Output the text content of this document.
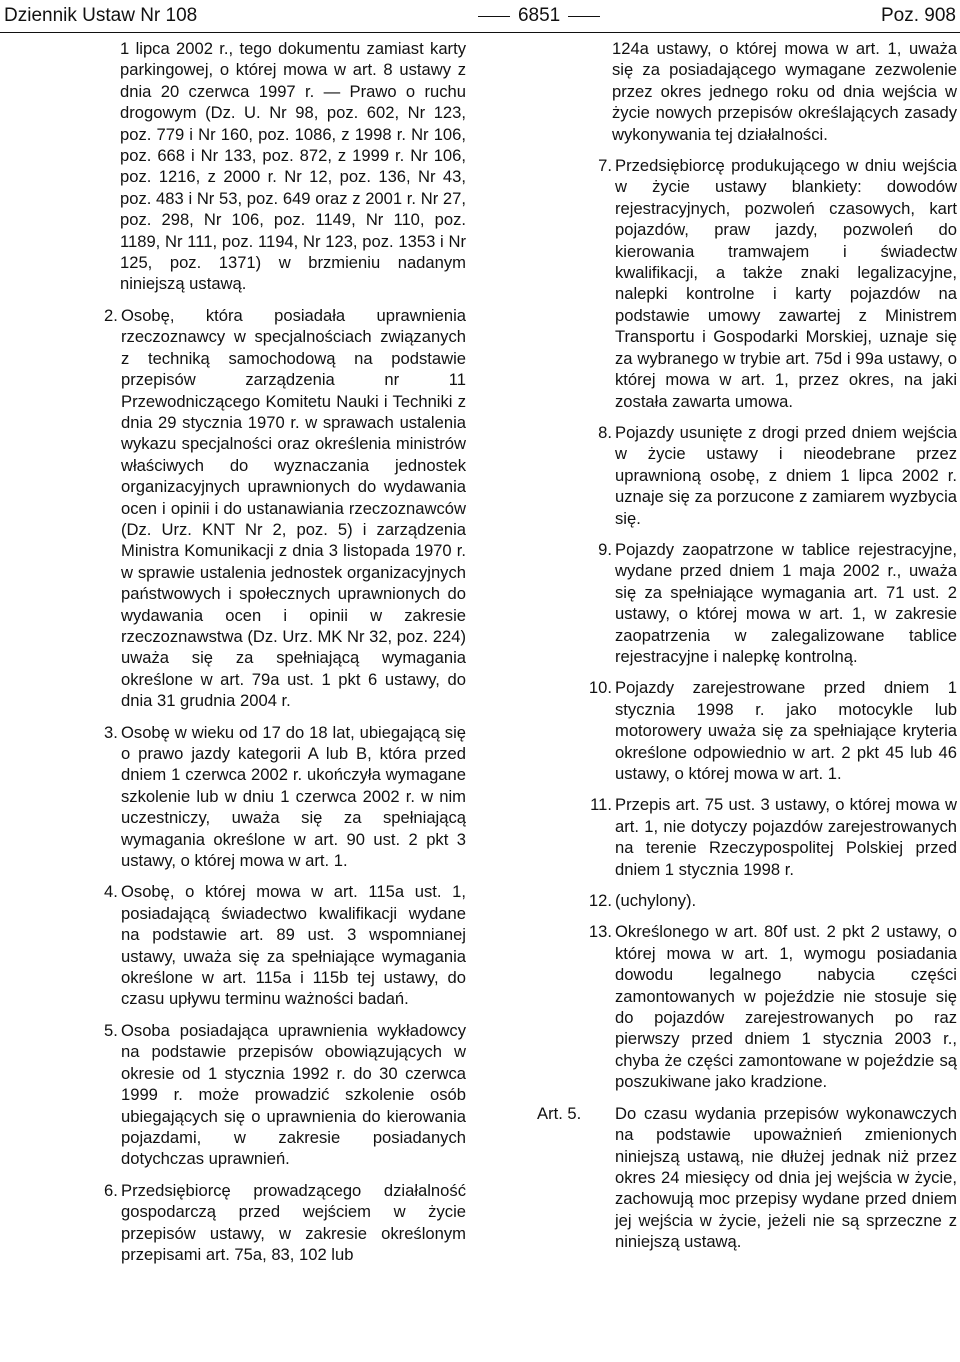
Dziennik Ustaw Nr 108	6851	Poz. 908

1 lipca 2002 r., tego dokumentu zamiast karty parkingowej, o której mowa w art. 8 ustawy z dnia 20 czerwca 1997 r. — Prawo o ruchu drogowym (Dz. U. Nr 98, poz. 602, Nr 123, poz. 779 i Nr 160, poz. 1086, z 1998 r. Nr 106, poz. 668 i Nr 133, poz. 872, z 1999 r. Nr 106, poz. 1216, z 2000 r. Nr 12, poz. 136, Nr 43, poz. 483 i Nr 53, poz. 649 oraz z 2001 r. Nr 27, poz. 298, Nr 106, poz. 1149, Nr 110, poz. 1189, Nr 111, poz. 1194, Nr 123, poz. 1353 i Nr 125, poz. 1371) w brzmieniu nadanym niniejszą ustawą.

2. Osobę, która posiadała uprawnienia rzeczoznawcy w specjalnościach związanych z techniką samochodową na podstawie przepisów zarządzenia nr 11 Przewodniczącego Komitetu Nauki i Techniki z dnia 29 stycznia 1970 r. w sprawach ustalenia wykazu specjalności oraz określenia ministrów właściwych do wyznaczania jednostek organizacyjnych uprawnionych do wydawania ocen i opinii i do ustanawiania rzeczoznawców (Dz. Urz. KNT Nr 2, poz. 5) i zarządzenia Ministra Komunikacji z dnia 3 listopada 1970 r. w sprawie ustalenia jednostek organizacyjnych państwowych i społecznych uprawnionych do wydawania ocen i opinii w zakresie rzeczoznawstwa (Dz. Urz. MK Nr 32, poz. 224) uważa się za spełniającą wymagania określone w art. 79a ust. 1 pkt 6 ustawy, do dnia 31 grudnia 2004 r.
3. Osobę w wieku od 17 do 18 lat, ubiegającą się o prawo jazdy kategorii A lub B, która przed dniem 1 czerwca 2002 r. ukończyła wymagane szkolenie lub w dniu 1 czerwca 2002 r. w nim uczestniczy, uważa się za spełniającą wymagania określone w art. 90 ust. 2 pkt 3 ustawy, o której mowa w art. 1.
4. Osobę, o której mowa w art. 115a ust. 1, posiadającą świadectwo kwalifikacji wydane na podstawie art. 89 ust. 3 wspomnianej ustawy, uważa się za spełniające wymagania określone w art. 115a i 115b tej ustawy, do czasu upływu terminu ważności badań.
5. Osoba posiadająca uprawnienia wykładowcy na podstawie przepisów obowiązujących w okresie od 1 stycznia 1992 r. do 30 czerwca 1999 r. może prowadzić szkolenie osób ubiegających się o uprawnienia do kierowania pojazdami, w zakresie posiadanych dotychczas uprawnień.
6. Przedsiębiorcę prowadzącego działalność gospodarczą przed wejściem w życie przepisów ustawy, w zakresie określonym przepisami art. 75a, 83, 102 lub

124a ustawy, o której mowa w art. 1, uważa się za posiadającego wymagane zezwolenie przez okres jednego roku od dnia wejścia w życie nowych przepisów określających zasady wykonywania tej działalności.

7. Przedsiębiorcę produkującego w dniu wejścia w życie ustawy blankiety: dowodów rejestracyjnych, pozwoleń czasowych, kart pojazdów, praw jazdy, pozwoleń do kierowania tramwajem i świadectw kwalifikacji, a także znaki legalizacyjne, nalepki kontrolne i karty pojazdów na podstawie umowy zawartej z Ministrem Transportu i Gospodarki Morskiej, uznaje się za wybranego w trybie art. 75d i 99a ustawy, o której mowa w art. 1, przez okres, na jaki została zawarta umowa.
8. Pojazdy usunięte z drogi przed dniem wejścia w życie ustawy i nieodebrane przez uprawnioną osobę, z dniem 1 lipca 2002 r. uznaje się za porzucone z zamiarem wyzbycia się.
9. Pojazdy zaopatrzone w tablice rejestracyjne, wydane przed dniem 1 maja 2002 r., uważa się za spełniające wymagania art. 71 ust. 2 ustawy, o której mowa w art. 1, w zakresie zaopatrzenia w zalegalizowane tablice rejestracyjne i nalepkę kontrolną.
10. Pojazdy zarejestrowane przed dniem 1 stycznia 1998 r. jako motocykle lub motorowery uważa się za spełniające kryteria określone odpowiednio w art. 2 pkt 45 lub 46 ustawy, o której mowa w art. 1.
11. Przepis art. 75 ust. 3 ustawy, o której mowa w art. 1, nie dotyczy pojazdów zarejestrowanych na terenie Rzeczypospolitej Polskiej przed dniem 1 stycznia 1998 r.
12. (uchylony).
13. Określonego w art. 80f ust. 2 pkt 2 ustawy, o której mowa w art. 1, wymogu posiadania dowodu legalnego nabycia części zamontowanych w pojeździe nie stosuje się do pojazdów zarejestrowanych po raz pierwszy przed dniem 1 stycznia 2003 r., chyba że części zamontowane w pojeździe są poszukiwane jako kradzione.
Art. 5.	Do czasu wydania przepisów wykonawczych na podstawie upoważnień zmienionych niniejszą ustawą, nie dłużej jednak niż przez okres 24 miesięcy od dnia jej wejścia w życie, zachowują moc przepisy wydane przed dniem jej wejścia w życie, jeżeli nie są sprzeczne z niniejszą ustawą.
